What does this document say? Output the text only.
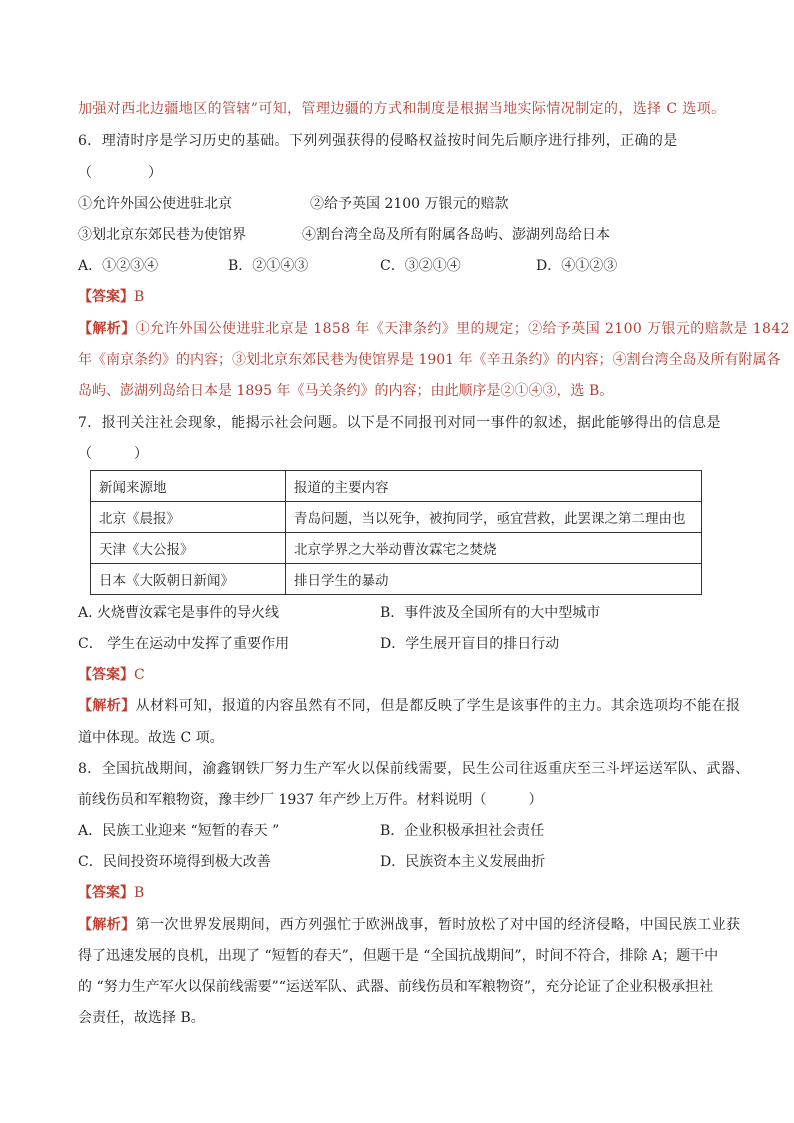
加强对西北边疆地区的管辖”可知，管理边疆的方式和制度是根据当地实际情况制定的，选择 C 选项。
6．理清时序是学习历史的基础。下列列强获得的侵略权益按时间先后顺序进行排列，正确的是
（　　　　）
①允许外国公使进驻北京	②给予英国 2100 万银元的赔款
③划北京东郊民巷为使馆界	④割台湾全岛及所有附属各岛屿、澎湖列岛给日本
A．①②③④	B．②①④③	C．③②①④	D．④①②③
【答案】B
【解析】①允许外国公使进驻北京是 1858 年《天津条约》里的规定；②给予英国 2100 万银元的赔款是 1842
年《南京条约》的内容；③划北京东郊民巷为使馆界是 1901 年《辛丑条约》的内容；④割台湾全岛及所有附属各
岛屿、澎湖列岛给日本是 1895 年《马关条约》的内容；由此顺序是②①④③，选 B。
7．报刊关注社会现象，能揭示社会问题。以下是不同报刊对同一事件的叙述，据此能够得出的信息是
（　　　）
新闻来源地	报道的主要内容
北京《晨报》	青岛问题，当以死争，被拘同学，亟宜营救，此罢课之第二理由也
天津《大公报》	北京学界之大举动曹汝霖宅之焚烧
日本《大阪朝日新闻》	排日学生的暴动
A. 火烧曹汝霖宅是事件的导火线	B．事件波及全国所有的大中型城市
C． 学生在运动中发挥了重要作用	D．学生展开盲目的排日行动
【答案】C
【解析】从材料可知，报道的内容虽然有不同，但是都反映了学生是该事件的主力。其余选项均不能在报
道中体现。故选 C 项。
8．全国抗战期间，渝鑫钢铁厂努力生产军火以保前线需要，民生公司往返重庆至三斗坪运送军队、武器、
前线伤员和军粮物资，豫丰纱厂 1937 年产纱上万件。材料说明（　　　）
A．民族工业迎来 “短暂的春天 ”	B．企业积极承担社会责任
C．民间投资环境得到极大改善	D．民族资本主义发展曲折
【答案】B
【解析】第一次世界发展期间，西方列强忙于欧洲战事，暂时放松了对中国的经济侵略，中国民族工业获
得了迅速发展的良机，出现了 “短暂的春天”，但题干是 “全国抗战期间”，时间不符合，排除 A；题干中
的 “努力生产军火以保前线需要”“运送军队、武器、前线伤员和军粮物资”，充分论证了企业积极承担社
会责任，故选择 B。
